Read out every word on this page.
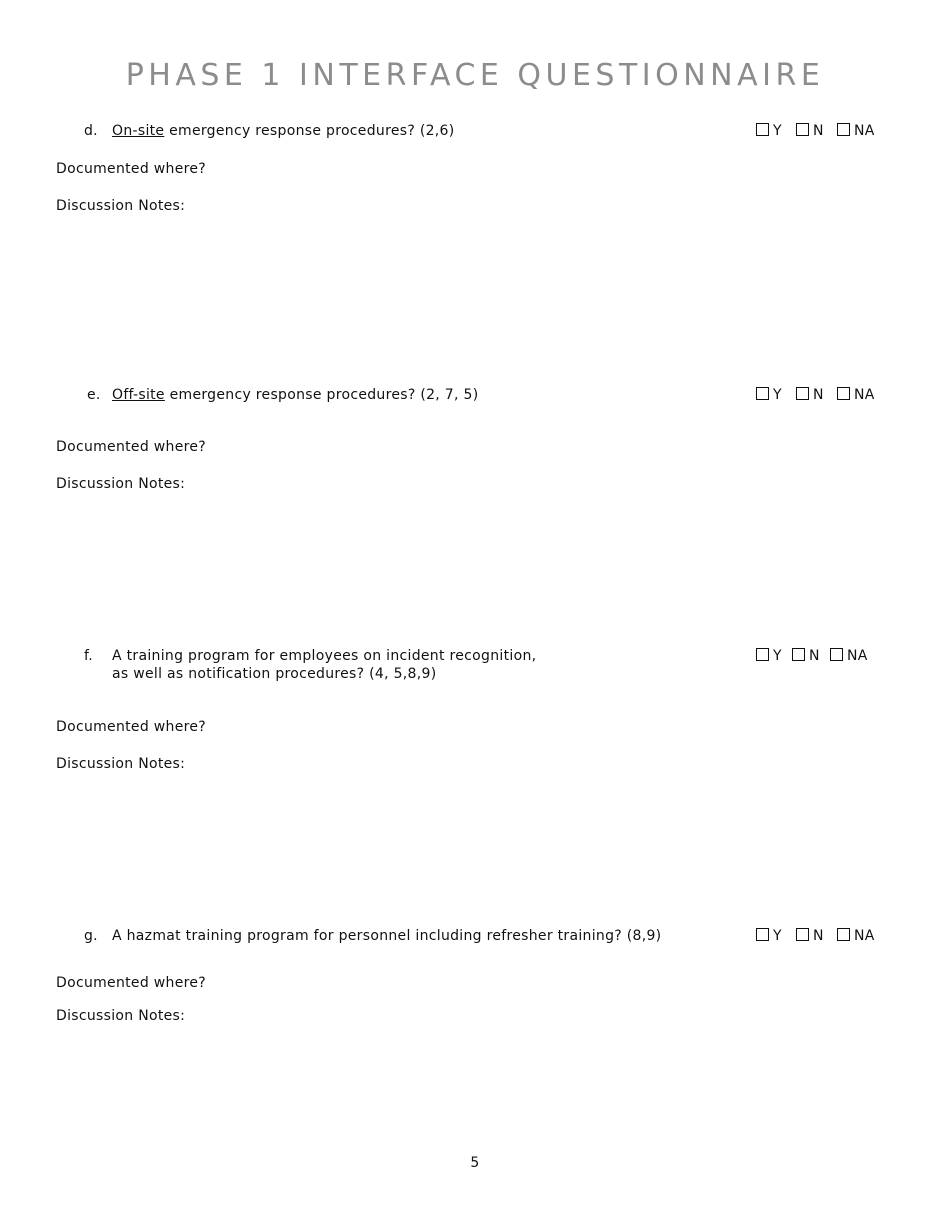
PHASE 1 INTERFACE QUESTIONNAIRE
d. On-site emergency response procedures? (2,6)	Y N NA
Documented where?
Discussion Notes:
e. Off-site emergency response procedures? (2, 7, 5)	Y N NA
Documented where?
Discussion Notes:
f. A training program for employees on incident recognition,
as well as notification procedures? (4, 5,8,9)
Y N NA
Documented where?
Discussion Notes:
g. A hazmat training program for personnel including refresher training? (8,9)	Y N NA
Documented where?
Discussion Notes:
5
